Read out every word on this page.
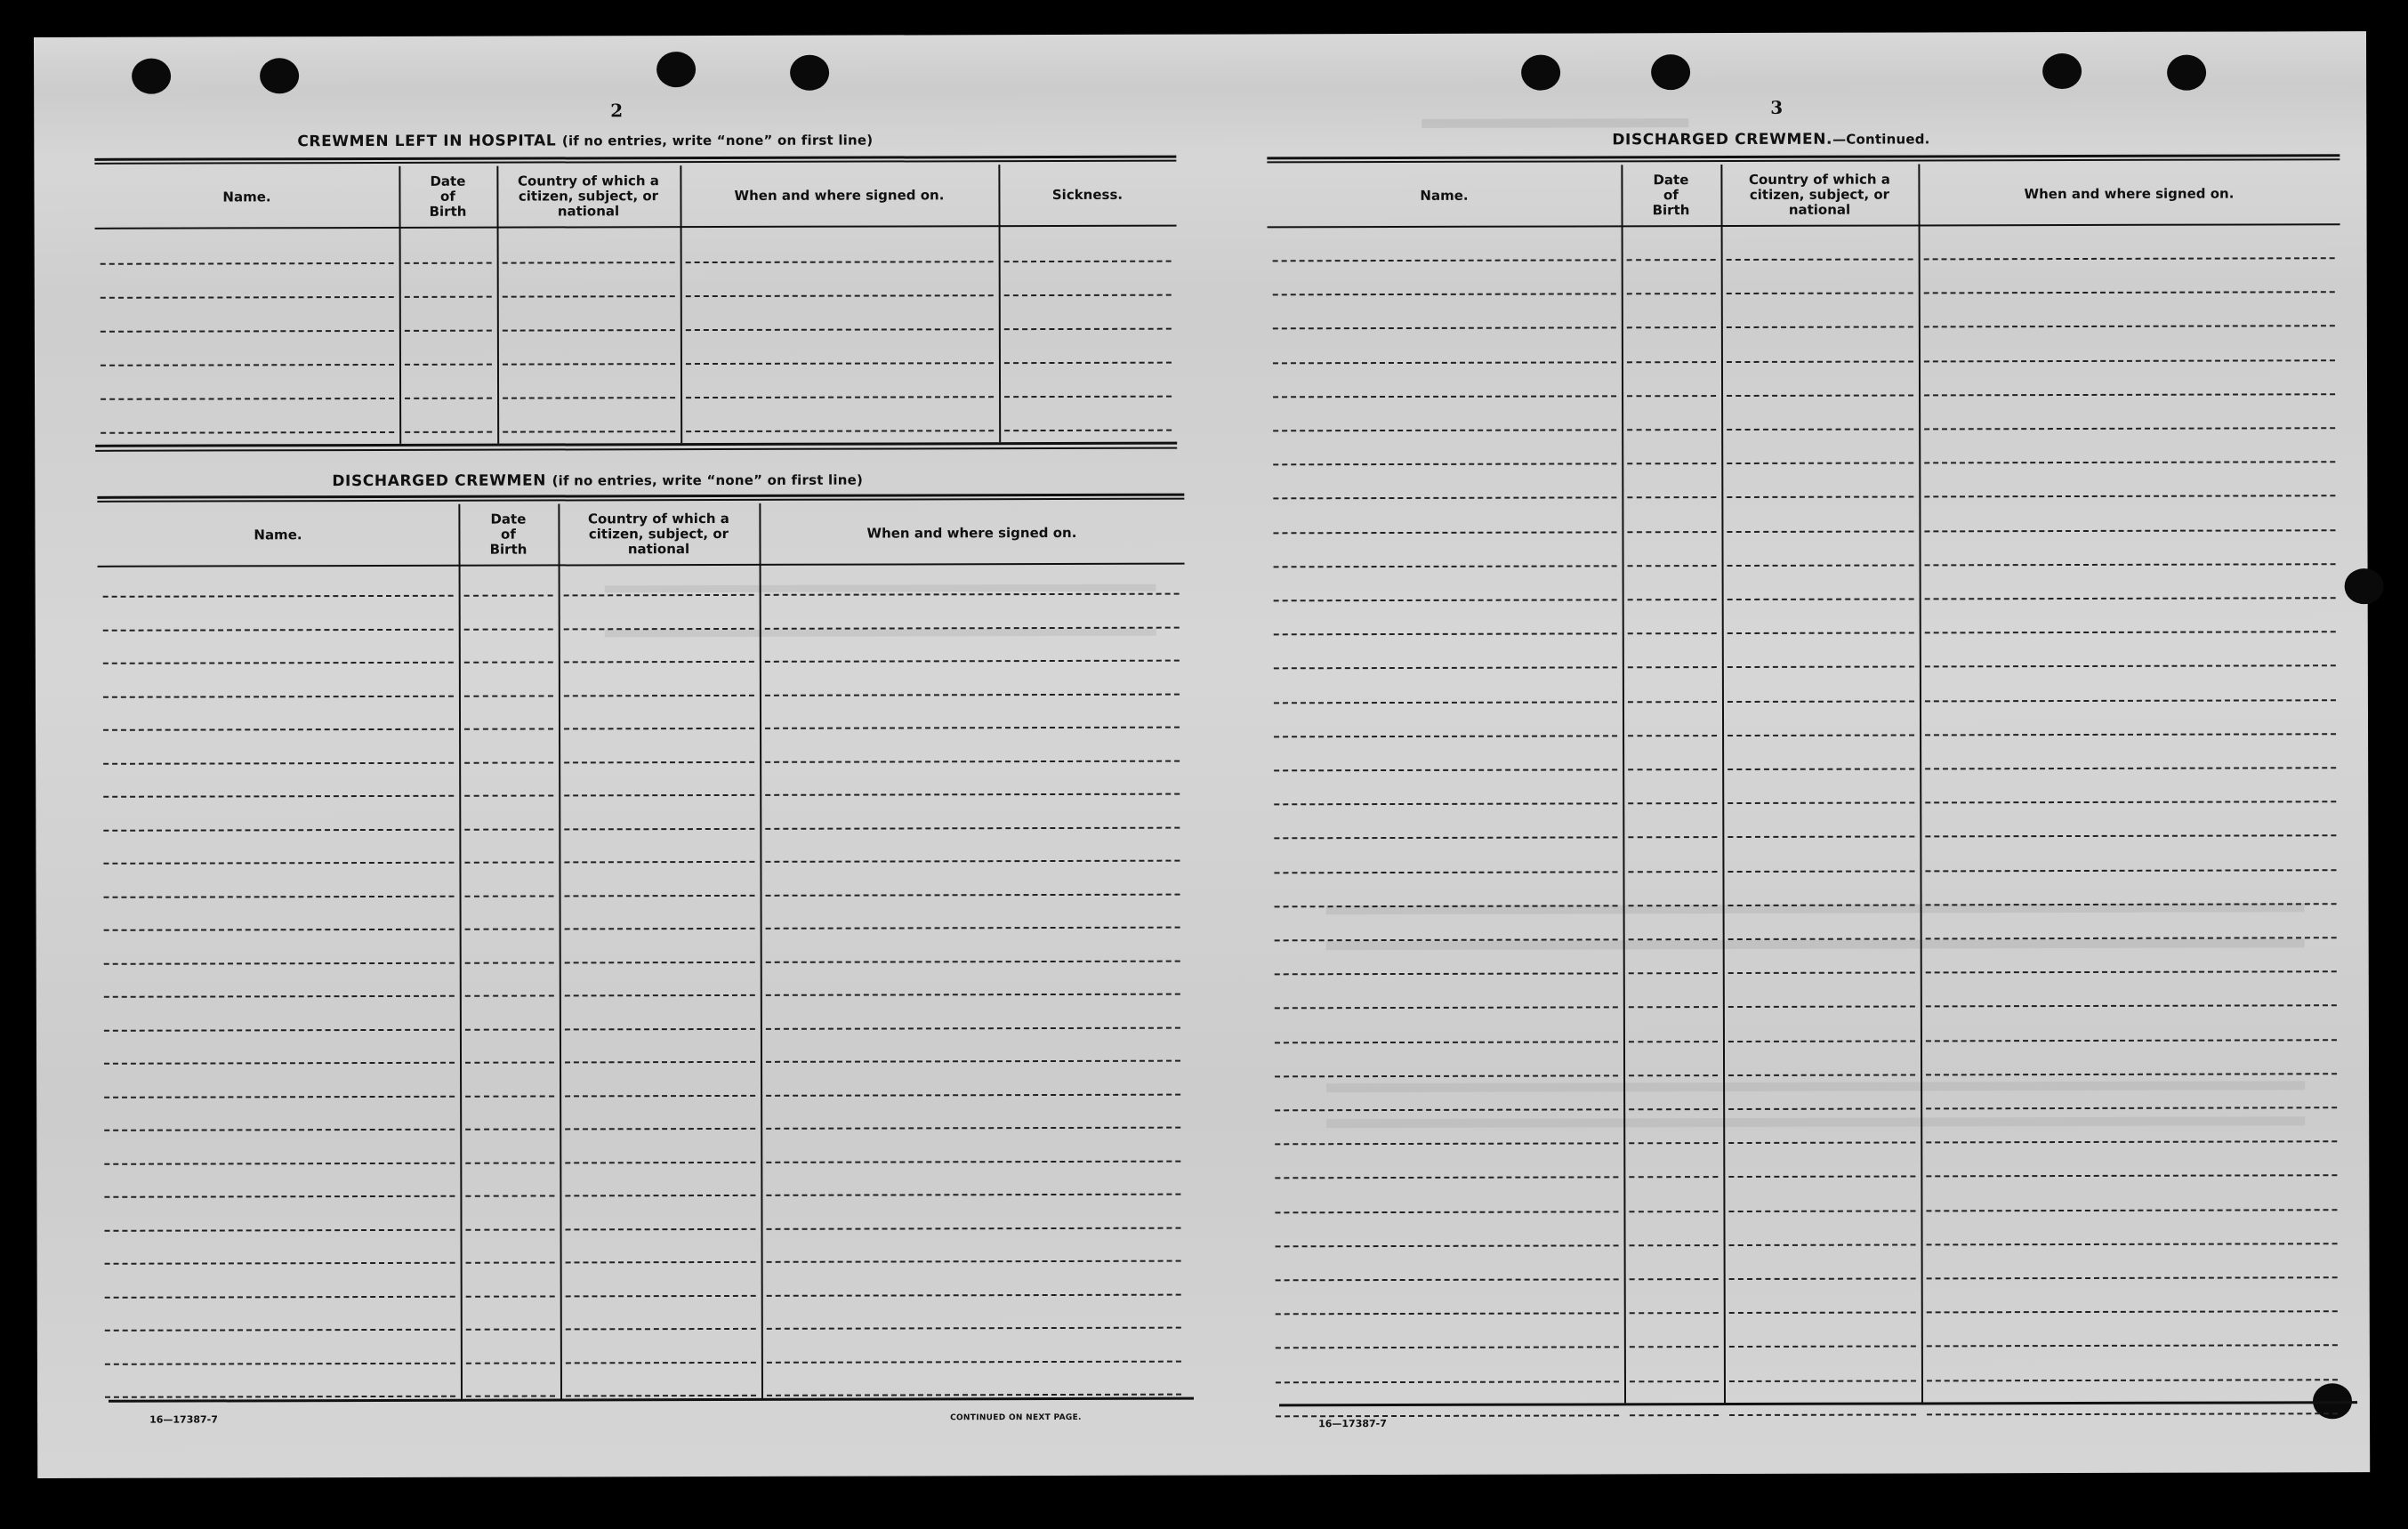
2
CREWMEN LEFT IN HOSPITAL (if no entries, write “none” on first line)
DISCHARGED CREWMEN (if no entries, write “none” on first line)
16—17387-7	CONTINUED ON NEXT PAGE.
3
DISCHARGED CREWMEN.—Continued.
16—17387-7
Name.
Date
of
Birth
Country of which a
citizen, subject, or
national
When and where signed on.	Sickness.
Name.
Date
of
Birth
Country of which a
citizen, subject, or
national
When and where signed on.
Name.
Date
of
Birth
Country of which a
citizen, subject, or
national
When and where signed on.
